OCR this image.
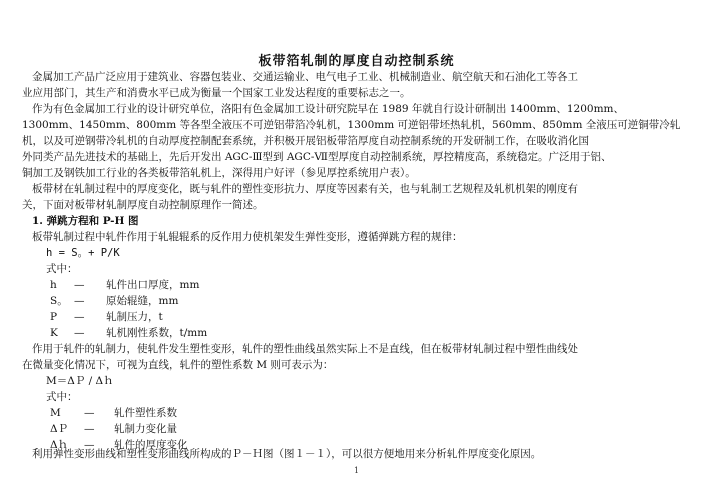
板带箔轧制的厚度自动控制系统
金属加工产品广泛应用于建筑业、容器包装业、交通运输业、电气电子工业、机械制造业、航空航天和石油化工等各工
业应用部门，其生产和消费水平已成为衡量一个国家工业发达程度的重要标志之一。
作为有色金属加工行业的设计研究单位，洛阳有色金属加工设计研究院早在 1989 年就自行设计研制出 1400mm、1200mm、
1300mm、1450mm、800mm 等各型全液压不可逆铝带箔冷轧机，1300mm 可逆铝带坯热轧机，560mm、850mm 全液压可逆铜带冷轧
机，以及可逆钢带冷轧机的自动厚度控制配套系统，并积极开展铝板带箔厚度自动控制系统的开发研制工作，在吸收消化国
外同类产品先进技术的基础上，先后开发出 AGC-Ⅲ型到 AGC-Ⅶ型厚度自动控制系统，厚控精度高，系统稳定。广泛用于铝、
铜加工及钢铁加工行业的各类板带箔轧机上，深得用户好评（参见厚控系统用户表）。
板带材在轧制过程中的厚度变化，既与轧件的塑性变形抗力、厚度等因素有关，也与轧制工艺规程及轧机机架的刚度有
关，下面对板带材轧制厚度自动控制原理作一简述。
1. 弹跳方程和 P-H 图
板带轧制过程中轧件作用于轧辊辊系的反作用力使机架发生弹性变形，遵循弹跳方程的规律：
h = S。+ P/K
式中：
h — 轧件出口厚度，mm
S。 — 原始辊缝，mm
P — 轧制压力，t
K — 轧机刚性系数，t/mm
作用于轧件的轧制力，使轧件发生塑性变形，轧件的塑性曲线虽然实际上不是直线，但在板带材轧制过程中塑性曲线处
在微量变化情况下，可视为直线，轧件的塑性系数 M 则可表示为：
M＝ΔＰ / Δｈ
式中：
M — 轧件塑性系数
ΔＰ — 轧制力变化量
Δｈ — 轧件的厚度变化
利用弹性变形曲线和塑性变形曲线所构成的Ｐ－Ｈ图（图１－１），可以很方便地用来分析轧件厚度变化原因。
1
